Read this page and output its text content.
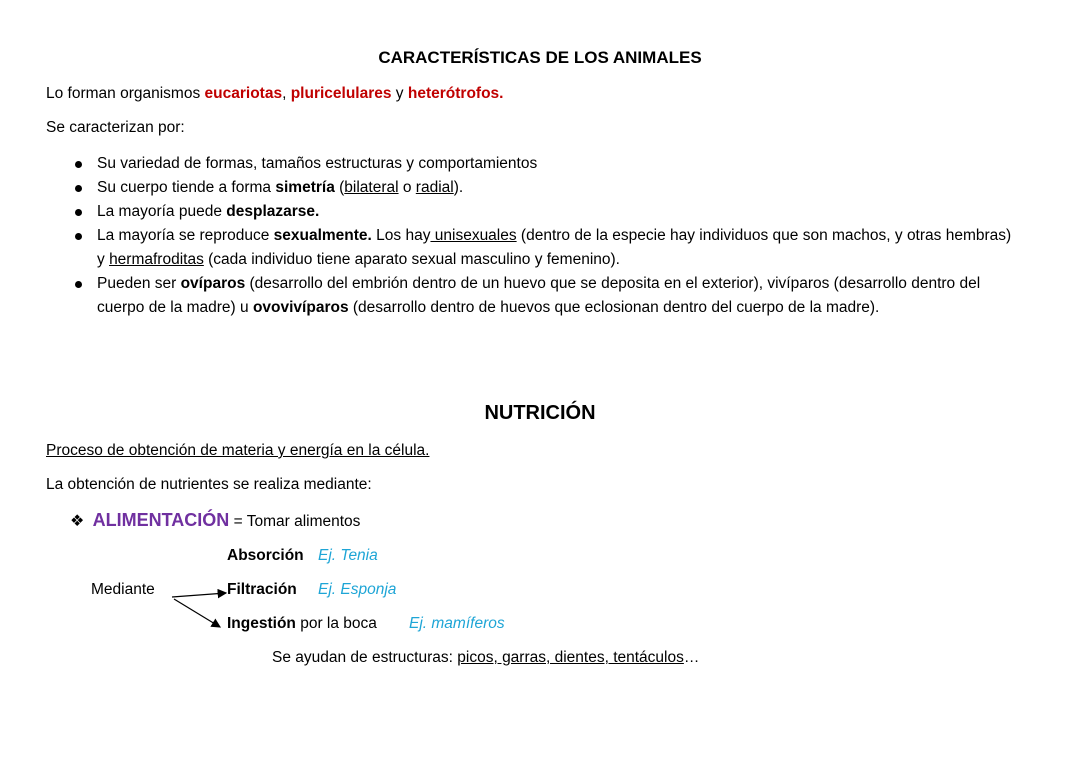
CARACTERÍSTICAS DE LOS ANIMALES
Lo forman organismos eucariotas, pluricelulares y heterótrofos.
Se caracterizan por:
Su variedad de formas, tamaños estructuras y comportamientos
Su cuerpo tiende a forma simetría (bilateral o radial).
La mayoría puede desplazarse.
La mayoría se reproduce sexualmente. Los hay unisexuales (dentro de la especie hay individuos que son machos, y otras hembras)
y hermafroditas (cada individuo tiene aparato sexual masculino y femenino).
Pueden ser ovíparos (desarrollo del embrión dentro de un huevo que se deposita en el exterior), vivíparos (desarrollo dentro del
cuerpo de la madre) u ovovivíparos (desarrollo dentro de huevos que eclosionan dentro del cuerpo de la madre).
NUTRICIÓN
Proceso de obtención de materia y energía en la célula.
La obtención de nutrientes se realiza mediante:
❖ ALIMENTACIÓN = Tomar alimentos
Mediante
Absorción Ej. Tenia
Filtración Ej. Esponja
Ingestión por la boca Ej. mamíferos
Se ayudan de estructuras: picos, garras, dientes, tentáculos…
